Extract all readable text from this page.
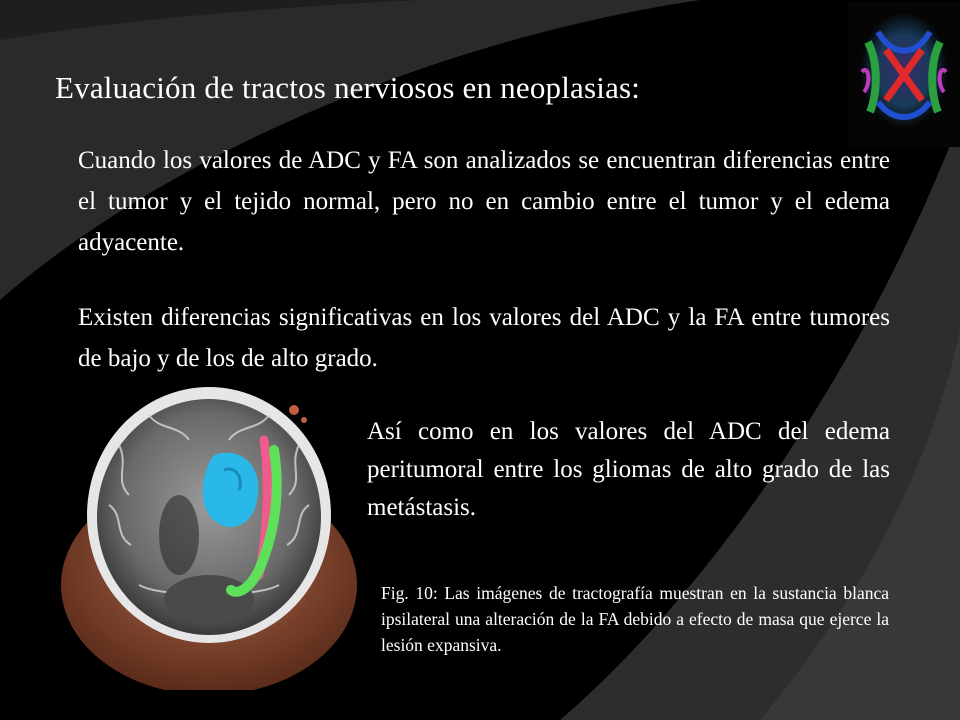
Evaluación de tractos nerviosos en neoplasias:

Cuando los valores de ADC y FA son analizados se encuentran diferencias entre el tumor y el tejido normal, pero no en cambio entre el tumor y el edema adyacente.

Existen diferencias significativas en los valores del ADC y la FA entre tumores de bajo y de los de alto grado.

Así como en los valores del ADC del edema peritumoral entre los gliomas de alto grado de las metástasis.

Fig. 10: Las imágenes de tractografía muestran en la sustancia blanca ipsilateral una alteración de la FA debido a efecto de masa que ejerce la lesión expansiva.
